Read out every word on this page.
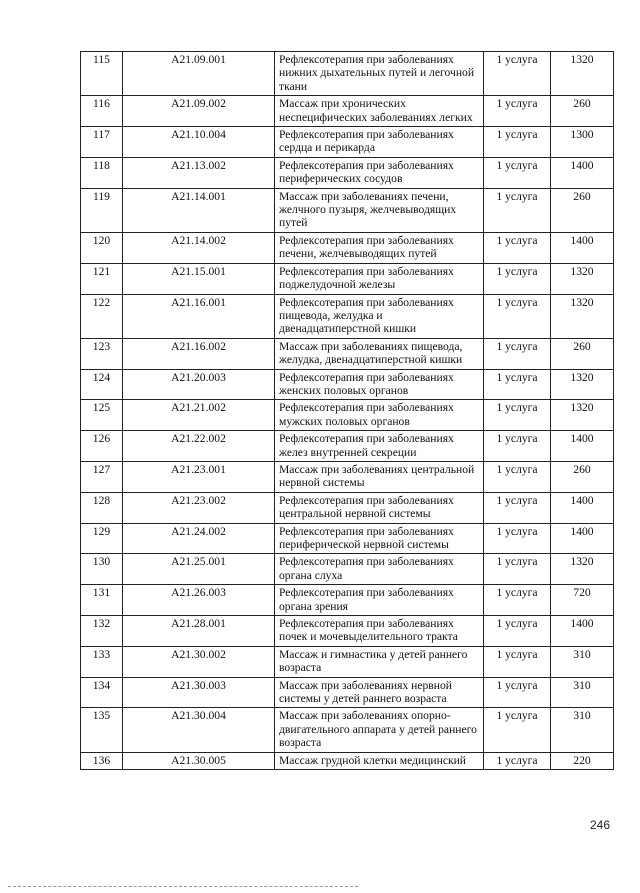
115	A21.09.001	Рефлексотерапия при заболеваниях нижних дыхательных путей и легочной ткани	1 услуга	1320
116	A21.09.002	Массаж при хронических неспецифических заболеваниях легких	1 услуга	260
117	A21.10.004	Рефлексотерапия при заболеваниях сердца и перикарда	1 услуга	1300
118	A21.13.002	Рефлексотерапия при заболеваниях периферических сосудов	1 услуга	1400
119	A21.14.001	Массаж при заболеваниях печени, желчного пузыря, желчевыводящих путей	1 услуга	260
120	A21.14.002	Рефлексотерапия при заболеваниях печени, желчевыводящих путей	1 услуга	1400
121	A21.15.001	Рефлексотерапия при заболеваниях поджелудочной железы	1 услуга	1320
122	A21.16.001	Рефлексотерапия при заболеваниях пищевода, желудка и двенадцатиперстной кишки	1 услуга	1320
123	A21.16.002	Массаж при заболеваниях пищевода, желудка, двенадцатиперстной кишки	1 услуга	260
124	A21.20.003	Рефлексотерапия при заболеваниях женских половых органов	1 услуга	1320
125	A21.21.002	Рефлексотерапия при заболеваниях мужских половых органов	1 услуга	1320
126	A21.22.002	Рефлексотерапия при заболеваниях желез внутренней секреции	1 услуга	1400
127	A21.23.001	Массаж при заболеваниях центральной нервной системы	1 услуга	260
128	A21.23.002	Рефлексотерапия при заболеваниях центральной нервной системы	1 услуга	1400
129	A21.24.002	Рефлексотерапия при заболеваниях периферической нервной системы	1 услуга	1400
130	A21.25.001	Рефлексотерапия при заболеваниях органа слуха	1 услуга	1320
131	A21.26.003	Рефлексотерапия при заболеваниях органа зрения	1 услуга	720
132	A21.28.001	Рефлексотерапия при заболеваниях почек и мочевыделительного тракта	1 услуга	1400
133	A21.30.002	Массаж и гимнастика у детей раннего возраста	1 услуга	310
134	A21.30.003	Массаж при заболеваниях нервной системы у детей раннего возраста	1 услуга	310
135	A21.30.004	Массаж при заболеваниях опорно-двигательного аппарата у детей раннего возраста	1 услуга	310
136	A21.30.005	Массаж грудной клетки медицинский	1 услуга	220
246
